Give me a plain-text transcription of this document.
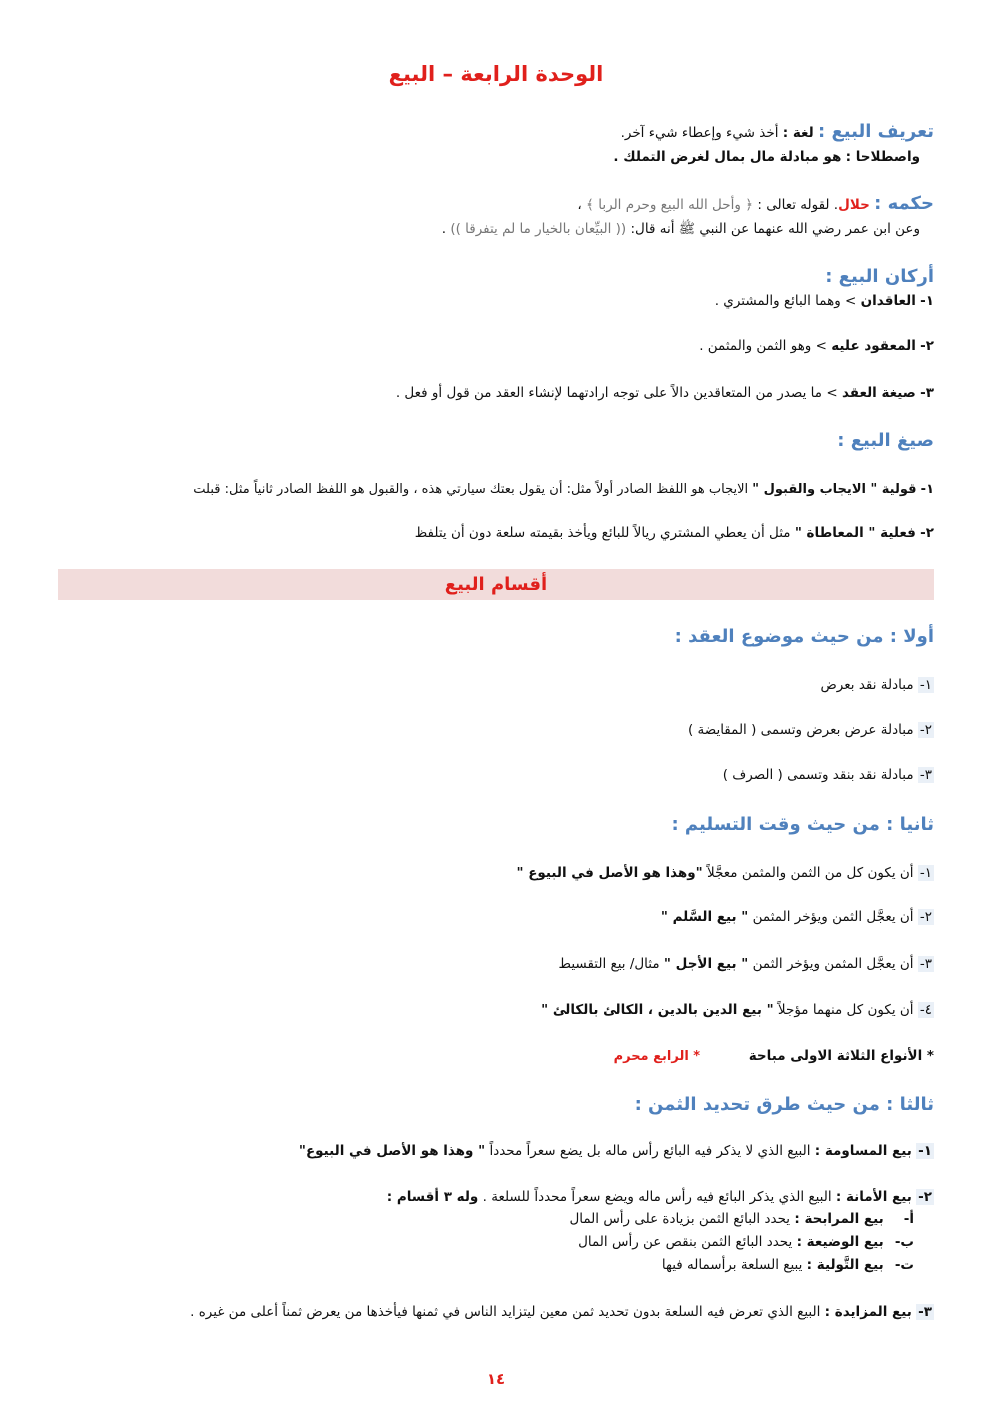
الوحدة الرابعة – البيع
تعريف البيع : لغة : أخذ شيء وإعطاء شيء آخر.
واصطلاحا : هو مبادلة مال بمال لغرض التملك .
حكمه : حلال. لقوله تعالى : ﴿ وأحل الله البيع وحرم الربا ﴾ ،
وعن ابن عمر رضي الله عنهما عن النبي ﷺ أنه قال: (( البيِّعان بالخيار ما لم يتفرقا )) .
أركان البيع :
١- العاقدان > وهما البائع والمشتري .
٢- المعقود عليه > وهو الثمن والمثمن .
٣- صيغة العقد > ما يصدر من المتعاقدين دالاً على توجه ارادتهما لإنشاء العقد من قول أو فعل .
صيغ البيع :
١- قولية " الايجاب والقبول " الايجاب هو اللفظ الصادر أولاً مثل: أن يقول بعتك سيارتي هذه ، والقبول هو اللفظ الصادر ثانياً مثل: قبلت
٢- فعلية " المعاطاة " مثل أن يعطي المشتري ريالاً للبائع ويأخذ بقيمته سلعة دون أن يتلفظ
أقسام البيع
أولا : من حيث موضوع العقد :
١- مبادلة نقد بعرض
٢- مبادلة عرض بعرض وتسمى ( المقايضة )
٣- مبادلة نقد بنقد وتسمى ( الصرف )
ثانيا : من حيث وقت التسليم :
١- أن يكون كل من الثمن والمثمن معجَّلاً "وهذا هو الأصل في البيوع "
٢- أن يعجَّل الثمن ويؤخر المثمن " بيع السَّلم "
٣- أن يعجَّل المثمن ويؤخر الثمن " بيع الأجل " مثال/ بيع التقسيط
٤- أن يكون كل منهما مؤجلاً " بيع الدين بالدين ، الكالئ بالكالئ "
* الأنواع الثلاثة الاولى مباحة  * الرابع محرم
ثالثا : من حيث طرق تحديد الثمن :
١- بيع المساومة : البيع الذي لا يذكر فيه البائع رأس ماله بل يضع سعراً محدداً " وهذا هو الأصل في البيوع"
٢- بيع الأمانة : البيع الذي يذكر البائع فيه رأس ماله ويضع سعراً محدداً للسلعة . وله ٣ أقسام :
أ- بيع المرابحة : يحدد البائع الثمن بزيادة على رأس المال
ب- بيع الوضيعة : يحدد البائع الثمن بنقص عن رأس المال
ت- بيع التَّولية : يبيع السلعة برأسماله فيها
٣- بيع المزايدة : البيع الذي تعرض فيه السلعة بدون تحديد ثمن معين ليتزايد الناس في ثمنها فيأخذها من يعرض ثمناً أعلى من غيره .
١٤
